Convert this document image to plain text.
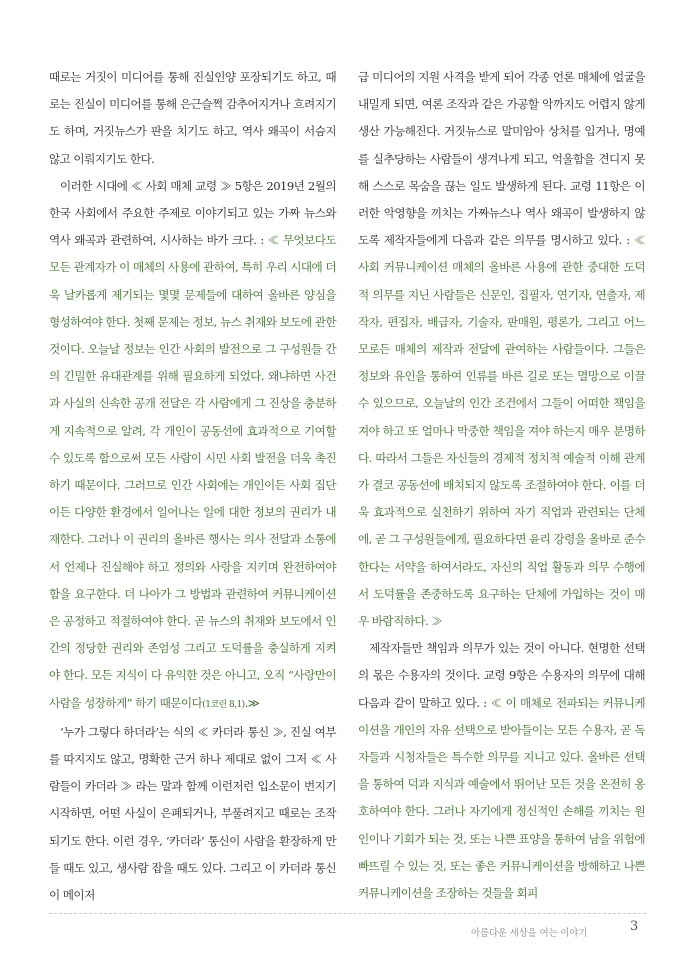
때로는 거짓이 미디어를 통해 진실인양 포장되기도 하고, 때로는 진실이 미디어를 통해 은근슬쩍 감추어지거나 흐려지기도 하며, 거짓뉴스가 판을 치기도 하고, 역사 왜곡이 서슴지 않고 이뤄지기도 한다.

이러한 시대에 ≪ 사회 매체 교령 ≫ 5항은 2019년 2월의 한국 사회에서 주요한 주제로 이야기되고 있는 가짜 뉴스와 역사 왜곡과 관련하여, 시사하는 바가 크다. : ≪ 무엇보다도 모든 관계자가 이 매체의 사용에 관하여, 특히 우리 시대에 더욱 날카롭게 제기되는 몇몇 문제들에 대하여 올바른 양심을 형성하여야 한다. 첫째 문제는 정보, 뉴스 취재와 보도에 관한 것이다. 오늘날 정보는 인간 사회의 발전으로 그 구성원들 간의 긴밀한 유대관계를 위해 필요하게 되었다. 왜냐하면 사건과 사실의 신속한 공개 전달은 각 사람에게 그 진상을 충분하게 지속적으로 알려, 각 개인이 공동선에 효과적으로 기여할 수 있도록 함으로써 모든 사람이 시민 사회 발전을 더욱 촉진하기 때문이다. 그러므로 인간 사회에는 개인이든 사회 집단이든 다양한 환경에서 일어나는 일에 대한 정보의 권리가 내재한다. 그러나 이 권리의 올바른 행사는 의사 전달과 소통에서 언제나 진실해야 하고 정의와 사랑을 지키며 완전하여야 함을 요구한다. 더 나아가 그 방법과 관련하여 커뮤니케이션은 공정하고 적절하여야 한다. 곧 뉴스의 취재와 보도에서 인간의 정당한 권리와 존엄성 그리고 도덕률을 충실하게 지켜야 한다. 모든 지식이 다 유익한 것은 아니고, 오직 “사랑만이 사람을 성장하게” 하기 때문이다(1코린 8,1).≫

‘누가 그렇다 하더라’는 식의 ≪ 카더라 통신 ≫, 진실 여부를 따지지도 않고, 명확한 근거 하나 제대로 없이 그저 ≪ 사람들이 카더라 ≫ 라는 말과 함께 이런저런 입소문이 번지기 시작하면, 어떤 사실이 은폐되거나, 부풀려지고 때로는 조작되기도 한다. 이런 경우, ‘카더라’ 통신이 사람을 환장하게 만들 때도 있고, 생사람 잡을 때도 있다. 그리고 이 카더라 통신이 메이저

급 미디어의 지원 사격을 받게 되어 각종 언론 매체에 얼굴을 내밀게 되면, 여론 조작과 같은 가공할 악까지도 어렵지 않게 생산 가능해진다. 거짓뉴스로 말미암아 상처를 입거나, 명예를 실추당하는 사람들이 생겨나게 되고, 억울함을 견디지 못해 스스로 목숨을 끊는 일도 발생하게 된다. 교령 11항은 이러한 악영향을 끼치는 가짜뉴스나 역사 왜곡이 발생하지 않도록 제작자들에게 다음과 같은 의무를 명시하고 있다. : ≪ 사회 커뮤니케이션 매체의 올바른 사용에 관한 중대한 도덕적 의무를 지닌 사람들은 신문인, 집필자, 연기자, 연출자, 제작자, 편집자, 배급자, 기술자, 판매원, 평론가, 그리고 어느 모로든 매체의 제작과 전달에 관여하는 사람들이다. 그들은 정보와 유인을 통하여 인류를 바른 길로 또는 멸망으로 이끌 수 있으므로, 오늘날의 인간 조건에서 그들이 어떠한 책임을 져야 하고 또 얼마나 막중한 책임을 져야 하는지 매우 분명하다. 따라서 그들은 자신들의 경제적 정치적 예술적 이해 관계가 결코 공동선에 배치되지 않도록 조절하여야 한다. 이를 더욱 효과적으로 실천하기 위하여 자기 직업과 관련되는 단체에, 곧 그 구성원들에게, 필요하다면 윤리 강령을 올바로 준수한다는 서약을 하여서라도, 자신의 직업 활동과 의무 수행에서 도덕률을 존중하도록 요구하는 단체에 가입하는 것이 매우 바람직하다. ≫

제작자들만 책임과 의무가 있는 것이 아니다. 현명한 선택의 몫은 수용자의 것이다. 교령 9항은 수용자의 의무에 대해 다음과 같이 말하고 있다. : ≪ 이 매체로 전파되는 커뮤니케이션을 개인의 자유 선택으로 받아들이는 모든 수용자, 곧 독자들과 시청자들은 특수한 의무를 지니고 있다. 올바른 선택을 통하여 덕과 지식과 예술에서 뛰어난 모든 것을 온전히 옹호하여야 한다. 그러나 자기에게 정신적인 손해를 끼치는 원인이나 기회가 되는 것, 또는 나쁜 표양을 통하여 남을 위험에 빠뜨릴 수 있는 것, 또는 좋은 커뮤니케이션을 방해하고 나쁜 커뮤니케이션을 조장하는 것들을 회피

아름다운 세상을 여는 이야기	3
